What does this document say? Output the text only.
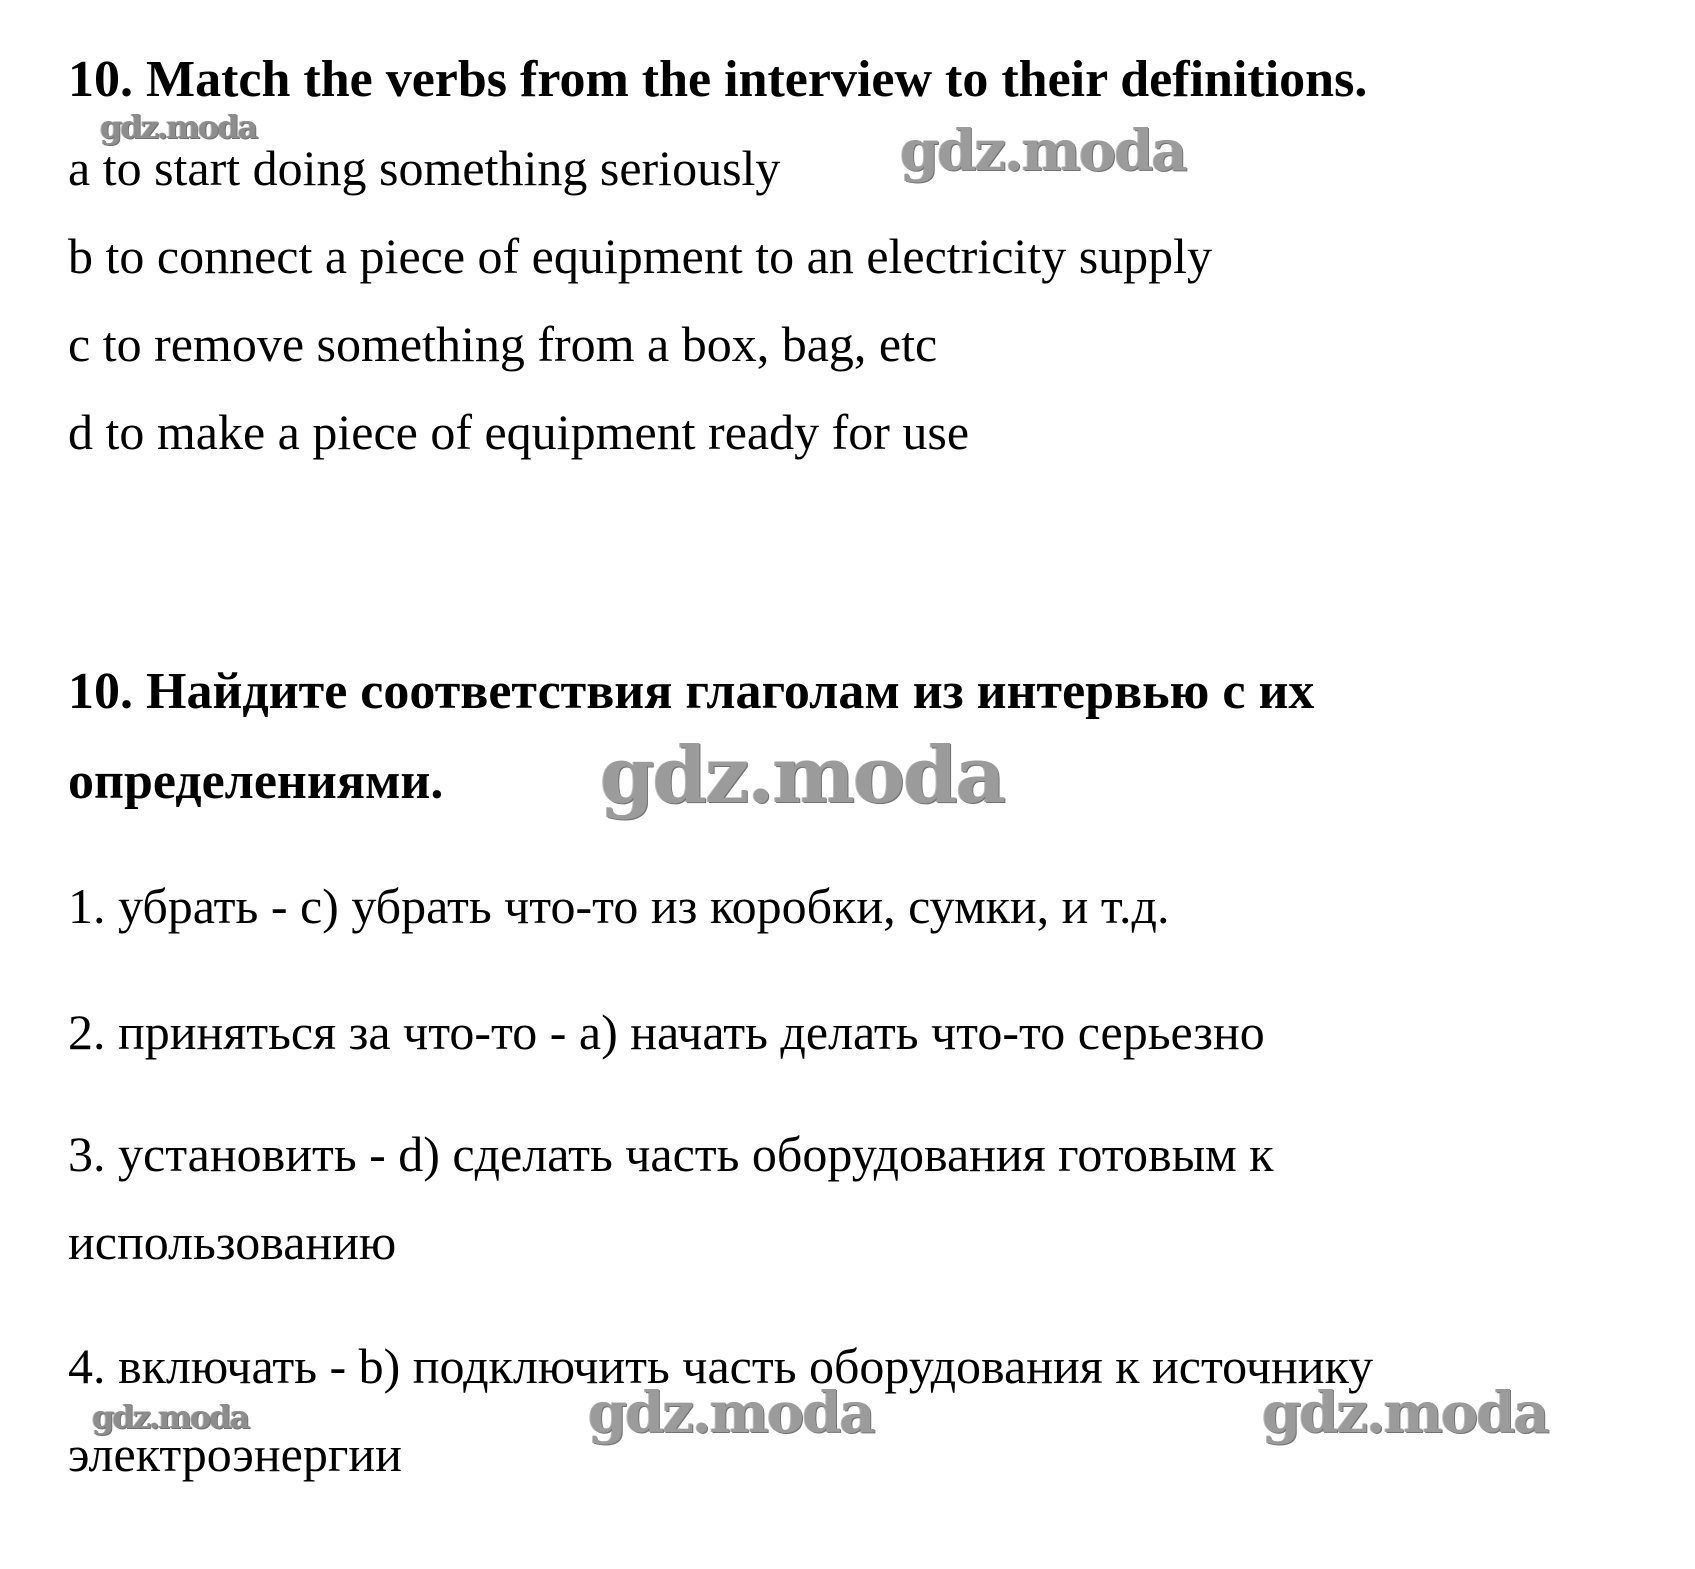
10. Match the verbs from the interview to their definitions.
a to start doing something seriously
b to connect a piece of equipment to an electricity supply
c to remove something from a box, bag, etc
d to make a piece of equipment ready for use
10. Найдите соответствия глаголам из интервью с их
определениями.
1. убрать - с) убрать что-то из коробки, сумки, и т.д.
2. приняться за что-то - а) начать делать что-то серьезно
3. установить - d) сделать часть оборудования готовым к
использованию
4. включать - b) подключить часть оборудования к источнику
электроэнергии
gdz.moda	gdz.moda
gdz.moda
gdz.moda	gdz.moda	gdz.moda
